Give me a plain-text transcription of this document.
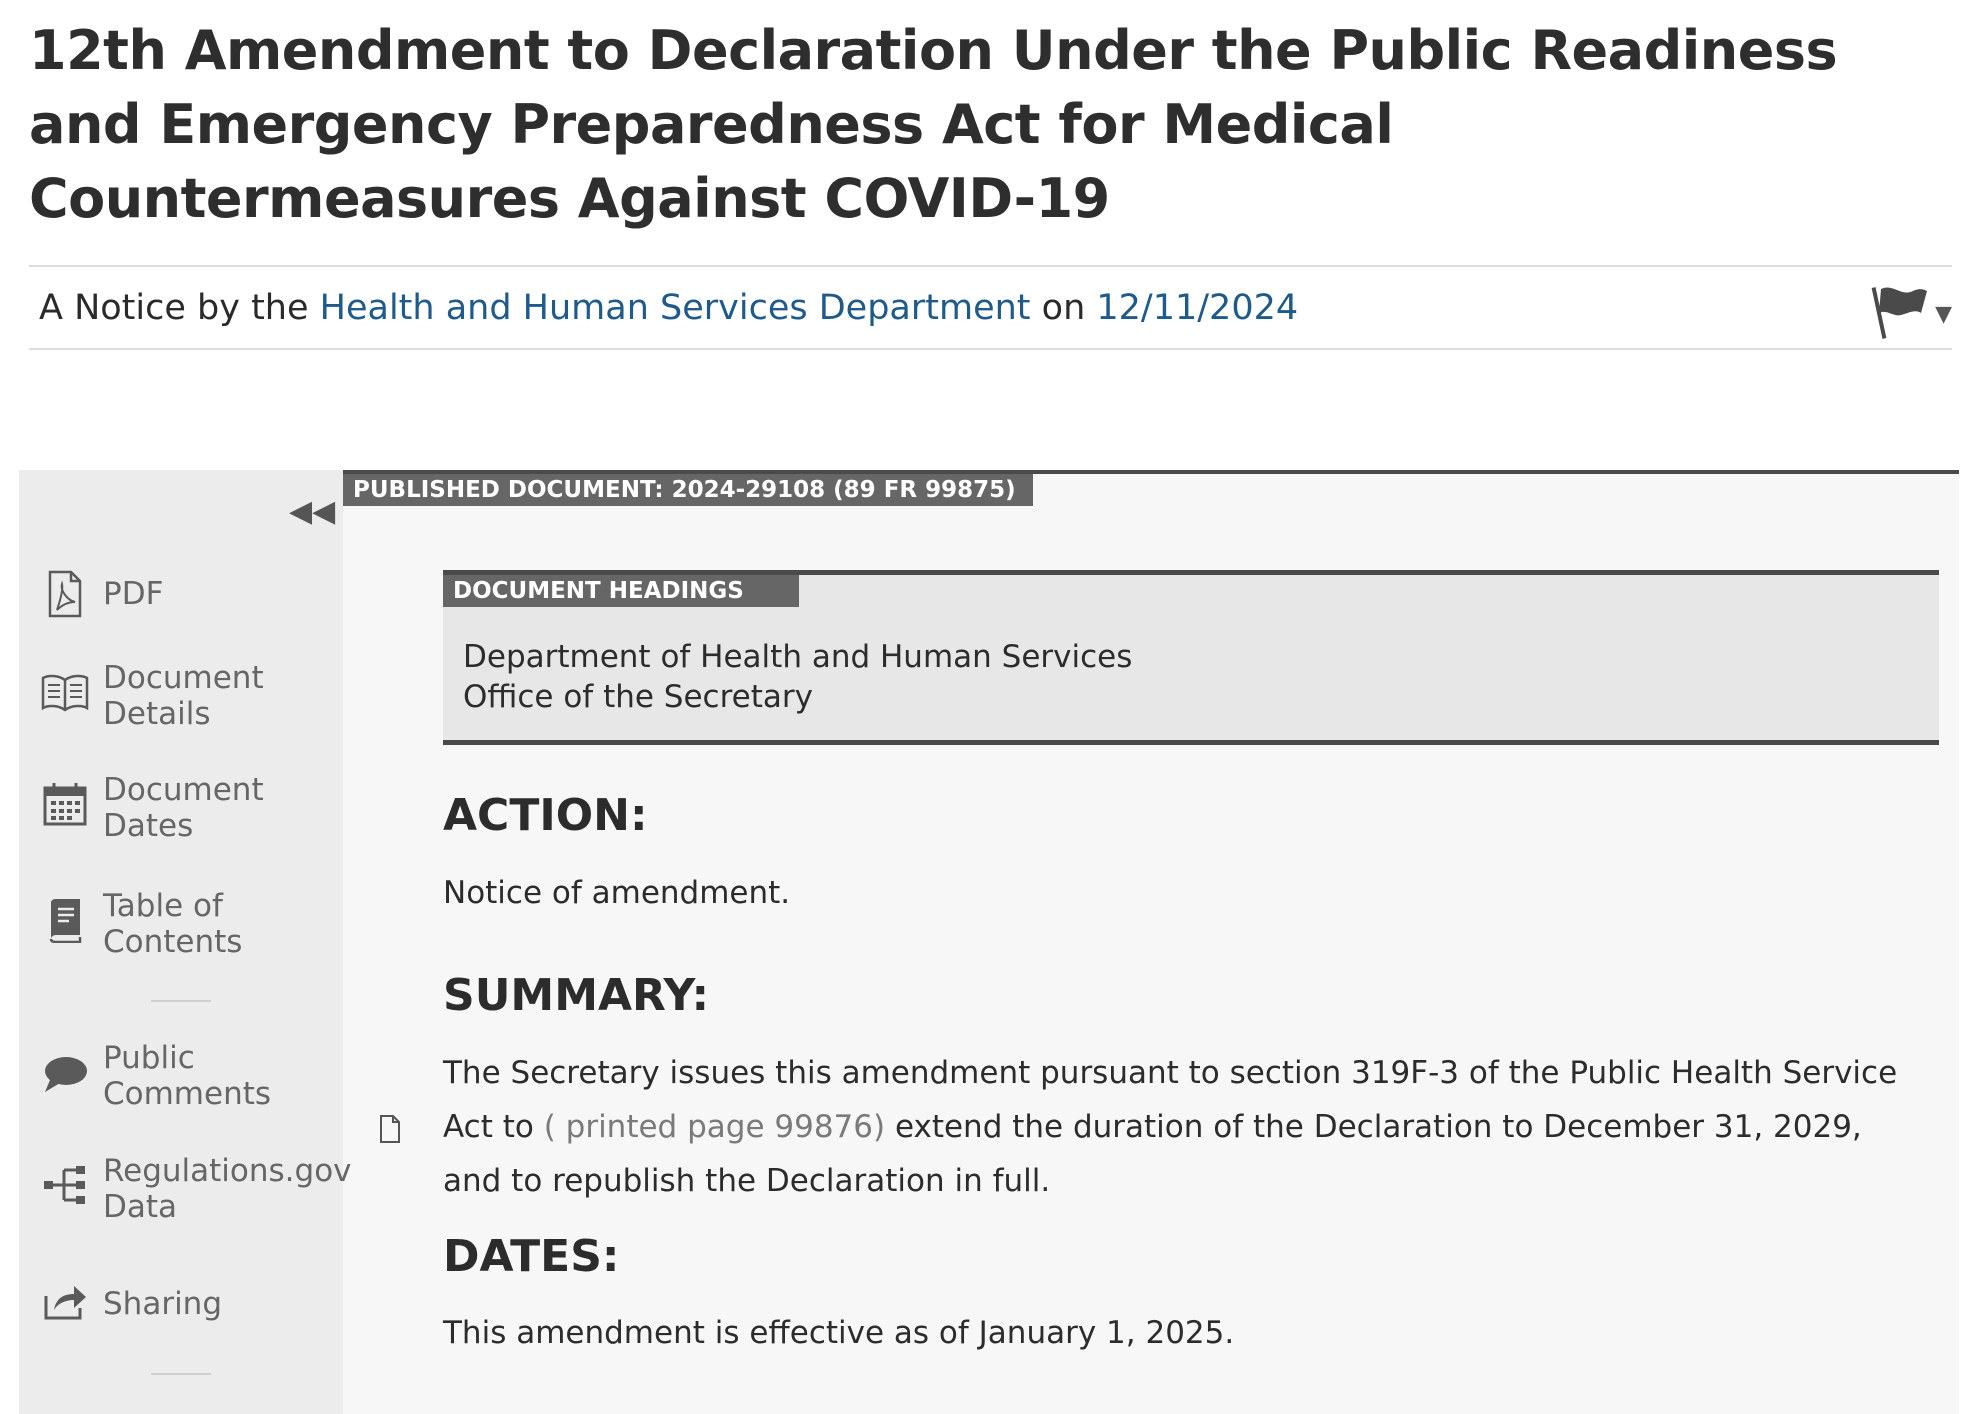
12th Amendment to Declaration Under the Public Readiness and Emergency Preparedness Act for Medical Countermeasures Against COVID-19
A Notice by the Health and Human Services Department on 12/11/2024	▼
◀◀
PDF
Document Details
Document Dates
Table of Contents
Public Comments
Regulations.gov Data
Sharing
PUBLISHED DOCUMENT: 2024-29108 (89 FR 99875)
DOCUMENT HEADINGS
Department of Health and Human Services
Office of the Secretary
ACTION:

Notice of amendment.

SUMMARY:

The Secretary issues this amendment pursuant to section 319F-3 of the Public Health Service Act to ( printed page 99876) extend the duration of the Declaration to December 31, 2029, and to republish the Declaration in full.

DATES:

This amendment is effective as of January 1, 2025.
